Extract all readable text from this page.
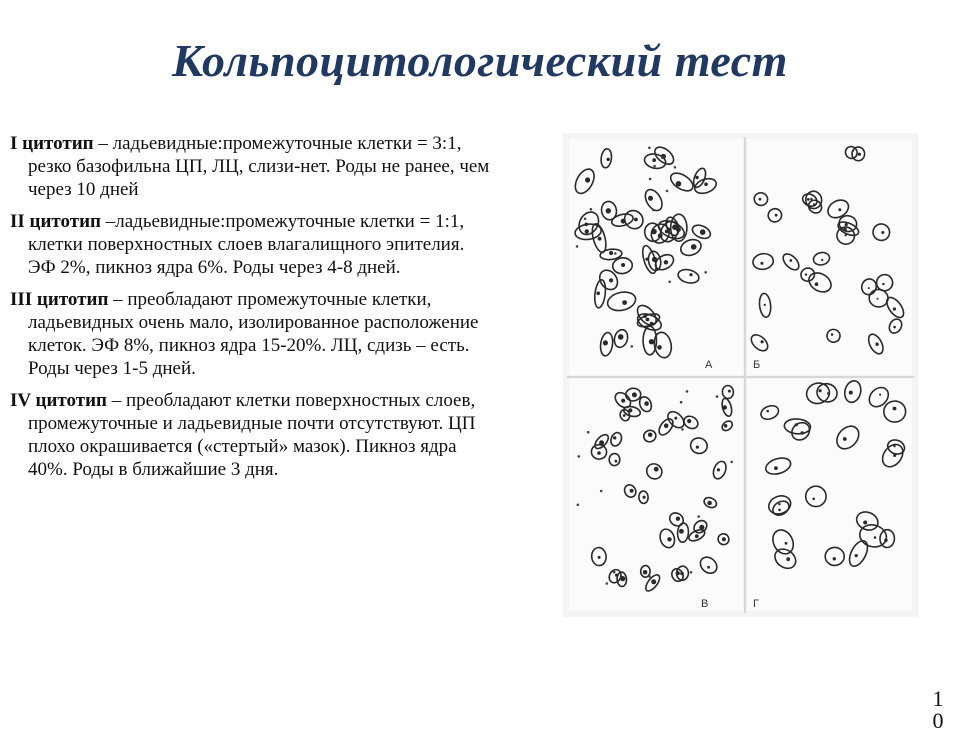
Кольпоцитологический тест

I цитотип – ладьевидные:промежуточные клетки = 3:1, резко базофильна ЦП, ЛЦ, слизи-нет. Роды не ранее, чем через 10 дней

II цитотип –ладьевидные:промежуточные клетки = 1:1, клетки поверхностных слоев влагалищного эпителия. ЭФ 2%, пикноз ядра 6%. Роды через 4-8 дней.

III цитотип – преобладают промежуточные клетки, ладьевидных очень мало, изолированное расположение клеток. ЭФ 8%, пикноз ядра 15-20%. ЛЦ, сдизь – есть. Роды через 1-5 дней.

IV цитотип – преобладают клетки поверхностных слоев, промежуточные и ладьевидные почти отсутствуют. ЦП плохо окрашивается («стертый» мазок). Пикноз ядра 40%. Роды в ближайшие 3 дня.

А	Б
В	Г
1 0
